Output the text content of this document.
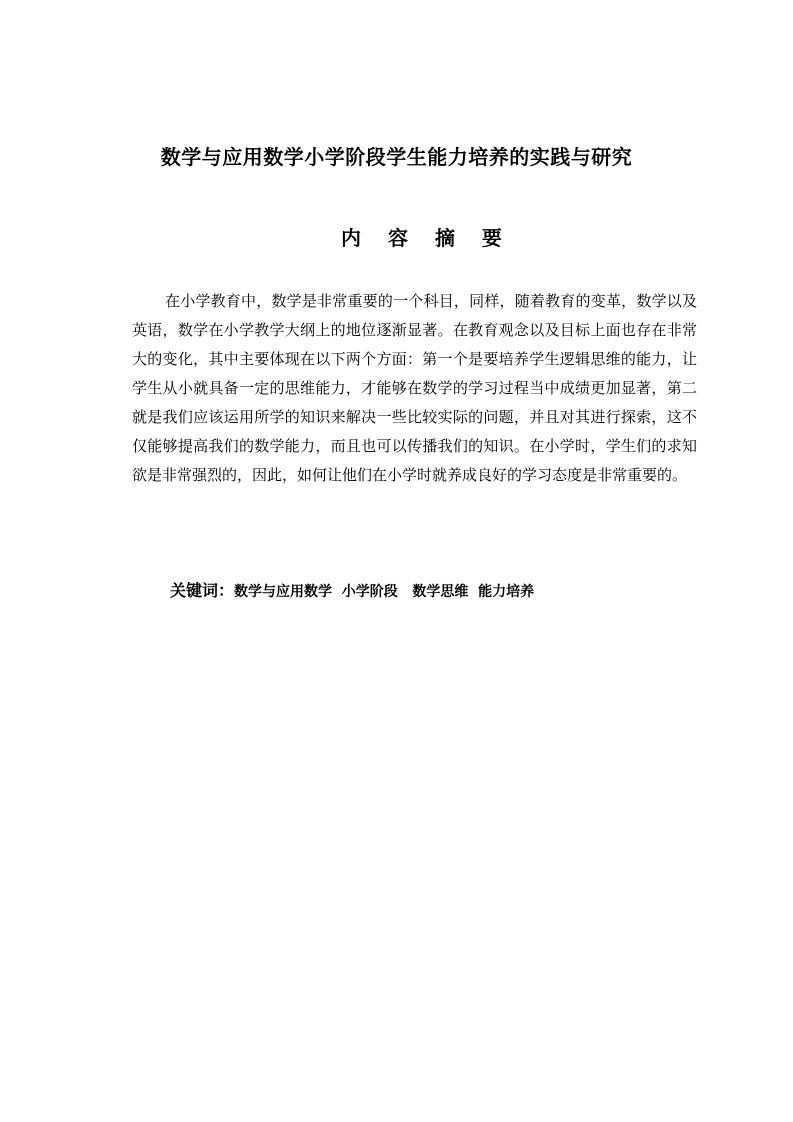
数学与应用数学小学阶段学生能力培养的实践与研究
内 容 摘 要

在小学教育中，数学是非常重要的一个科目，同样，随着教育的变革，数学以及英语，数学在小学教学大纲上的地位逐渐显著。在教育观念以及目标上面也存在非常大的变化，其中主要体现在以下两个方面：第一个是要培养学生逻辑思维的能力，让学生从小就具备一定的思维能力，才能够在数学的学习过程当中成绩更加显著，第二就是我们应该运用所学的知识来解决一些比较实际的问题，并且对其进行探索，这不仅能够提高我们的数学能力，而且也可以传播我们的知识。在小学时，学生们的求知欲是非常强烈的，因此，如何让他们在小学时就养成良好的学习态度是非常重要的。

关键词：数学与应用数学  小学阶段   数学思维  能力培养
